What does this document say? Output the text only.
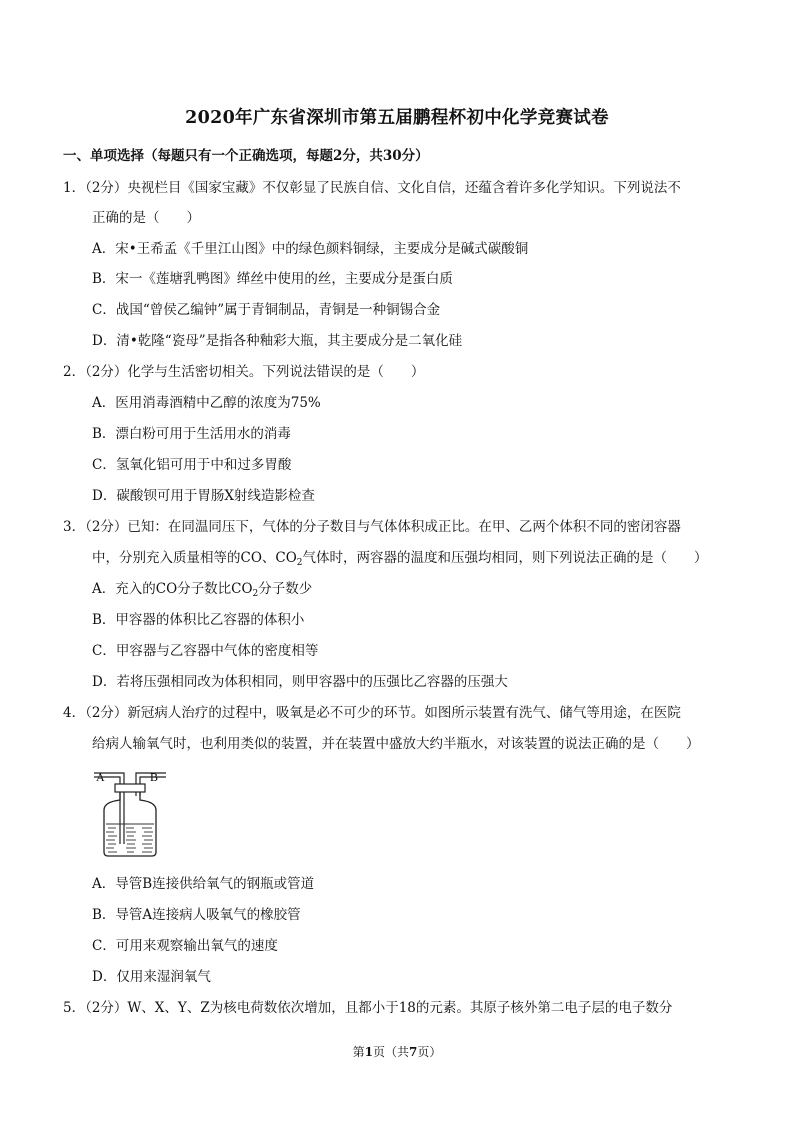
2020年广东省深圳市第五届鹏程杯初中化学竞赛试卷
一、单项选择（每题只有一个正确选项，每题2分，共30分）
1．（2分）央视栏目《国家宝藏》不仅彰显了民族自信、文化自信，还蕴含着许多化学知识。下列说法不
正确的是（　　）
A．宋•王希孟《千里江山图》中的绿色颜料铜绿，主要成分是碱式碳酸铜
B．宋一《莲塘乳鸭图》缂丝中使用的丝，主要成分是蛋白质
C．战国“曾侯乙编钟”属于青铜制品，青铜是一种铜锡合金
D．清•乾隆“瓷母”是指各种釉彩大瓶，其主要成分是二氧化硅
2．（2分）化学与生活密切相关。下列说法错误的是（　　）
A．医用消毒酒精中乙醇的浓度为75%
B．漂白粉可用于生活用水的消毒
C．氢氧化铝可用于中和过多胃酸
D．碳酸钡可用于胃肠X射线造影检查
3．（2分）已知：在同温同压下，气体的分子数目与气体体积成正比。在甲、乙两个体积不同的密闭容器
中，分别充入质量相等的CO、$CO_2$气体时，两容器的温度和压强均相同，则下列说法正确的是（　　）
A．充入的CO分子数比$CO_2$分子数少
B．甲容器的体积比乙容器的体积小
C．甲容器与乙容器中气体的密度相等
D．若将压强相同改为体积相同，则甲容器中的压强比乙容器的压强大
4．（2分）新冠病人治疗的过程中，吸氧是必不可少的环节。如图所示装置有洗气、储气等用途，在医院
给病人输氧气时，也利用类似的装置，并在装置中盛放大约半瓶水，对该装置的说法正确的是（　　）
A	B
A．导管B连接供给氧气的钢瓶或管道
B．导管A连接病人吸氧气的橡胶管
C．可用来观察输出氧气的速度
D．仅用来湿润氧气
5．（2分）W、X、Y、Z为核电荷数依次增加，且都小于18的元素。其原子核外第二电子层的电子数分
第1页（共7页）
